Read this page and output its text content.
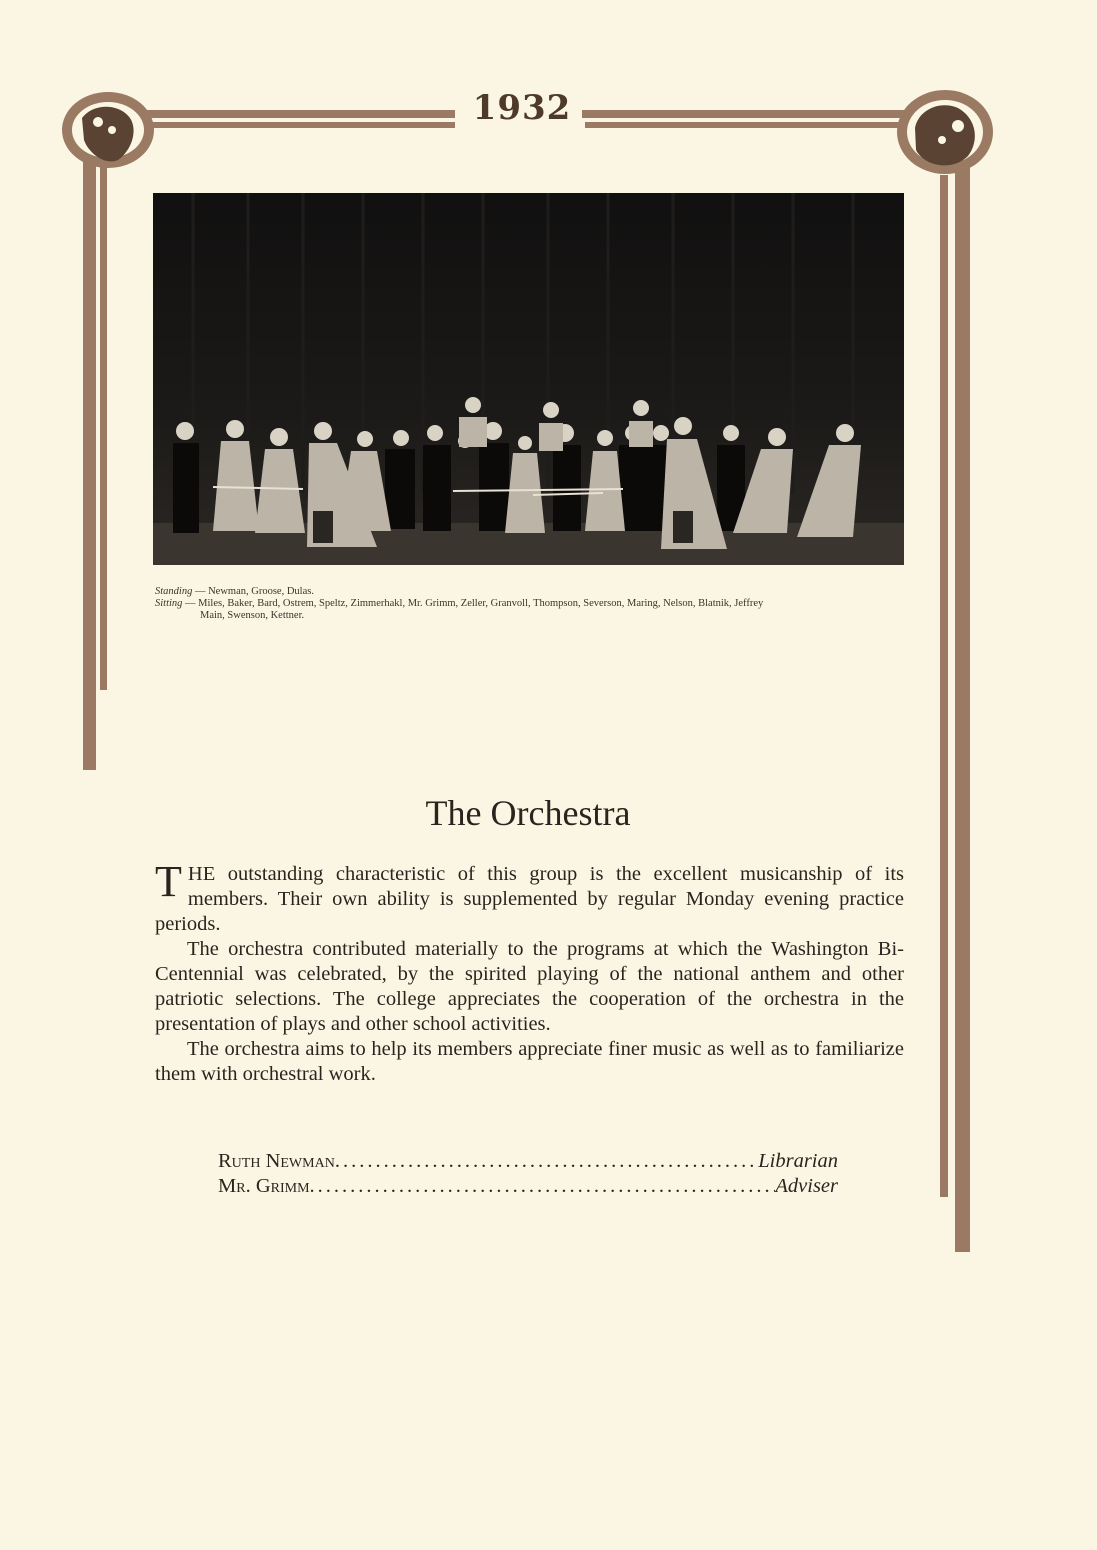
1932
Standing — Newman, Groose, Dulas.
Sitting — Miles, Baker, Bard, Ostrem, Speltz, Zimmerhakl, Mr. Grimm, Zeller, Granvoll, Thompson, Severson, Maring, Nelson, Blatnik, Jeffrey
Main, Swenson, Kettner.
The Orchestra

THE outstanding characteristic of this group is the excellent musicanship of its members. Their own ability is supplemented by regular Monday evening practice periods.

The orchestra contributed materially to the programs at which the Washington Bi-Centennial was celebrated, by the spirited playing of the national anthem and other patriotic selections. The college appreciates the cooperation of the orchestra in the presentation of plays and other school activities.

The orchestra aims to help its members appreciate finer music as well as to familiarize them with orchestral work.

Ruth Newman .....	Librarian
Mr. Grimm .....	Adviser
